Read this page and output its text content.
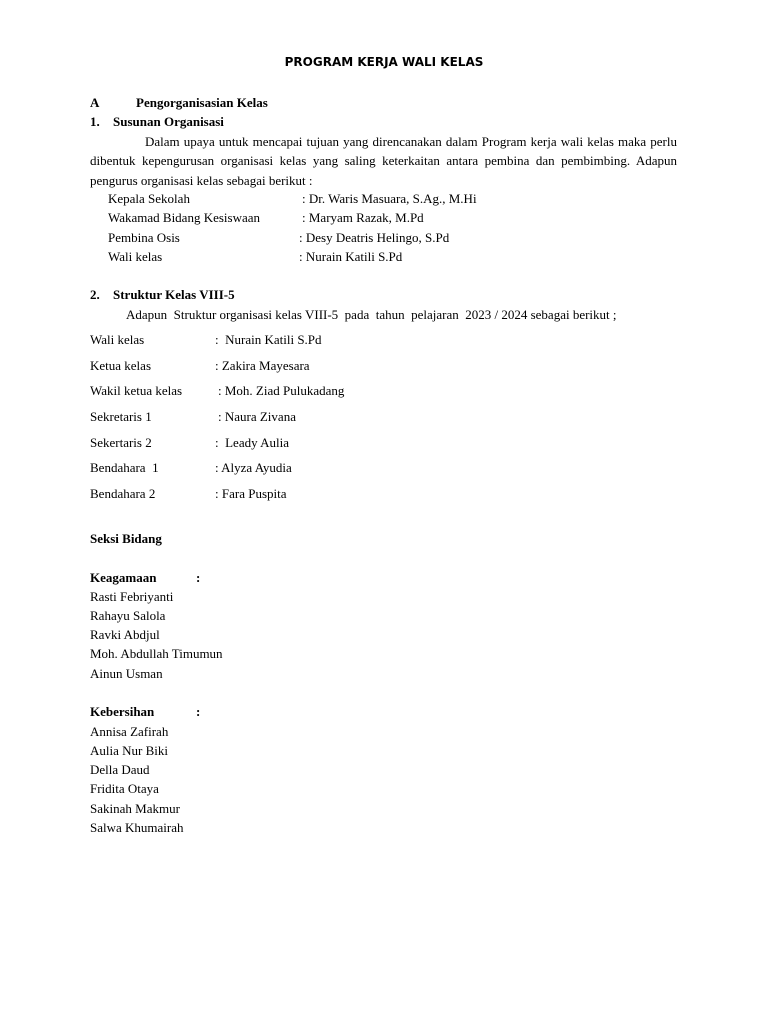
PROGRAM KERJA WALI KELAS
A	Pengorganisasian Kelas
1. Susunan Organisasi
Dalam upaya untuk mencapai tujuan yang direncanakan dalam Program kerja wali kelas maka perlu dibentuk kepengurusan organisasi kelas yang saling keterkaitan antara pembina dan pembimbing. Adapun pengurus organisasi kelas sebagai berikut :
Kepala Sekolah	: Dr. Waris Masuara, S.Ag., M.Hi
Wakamad Bidang Kesiswaan	: Maryam Razak, M.Pd
Pembina Osis	: Desy Deatris Helingo, S.Pd
Wali kelas	: Nurain Katili S.Pd
2. Struktur Kelas VIII-5
Adapun  Struktur organisasi kelas VIII-5  pada  tahun  pelajaran  2023 / 2024 sebagai berikut ;
Wali kelas	:  Nurain Katili S.Pd
Ketua kelas	: Zakira Mayesara
Wakil ketua kelas	: Moh. Ziad Pulukadang
Sekretaris 1	: Naura Zivana
Sekertaris 2	:  Leady Aulia
Bendahara  1	: Alyza Ayudia
Bendahara 2	: Fara Puspita
Seksi Bidang
Keagamaan	:
Rasti Febriyanti
Rahayu Salola
Ravki Abdjul
Moh. Abdullah Timumun
Ainun Usman
Kebersihan	:
Annisa Zafirah
Aulia Nur Biki
Della Daud
Fridita Otaya
Sakinah Makmur
Salwa Khumairah
